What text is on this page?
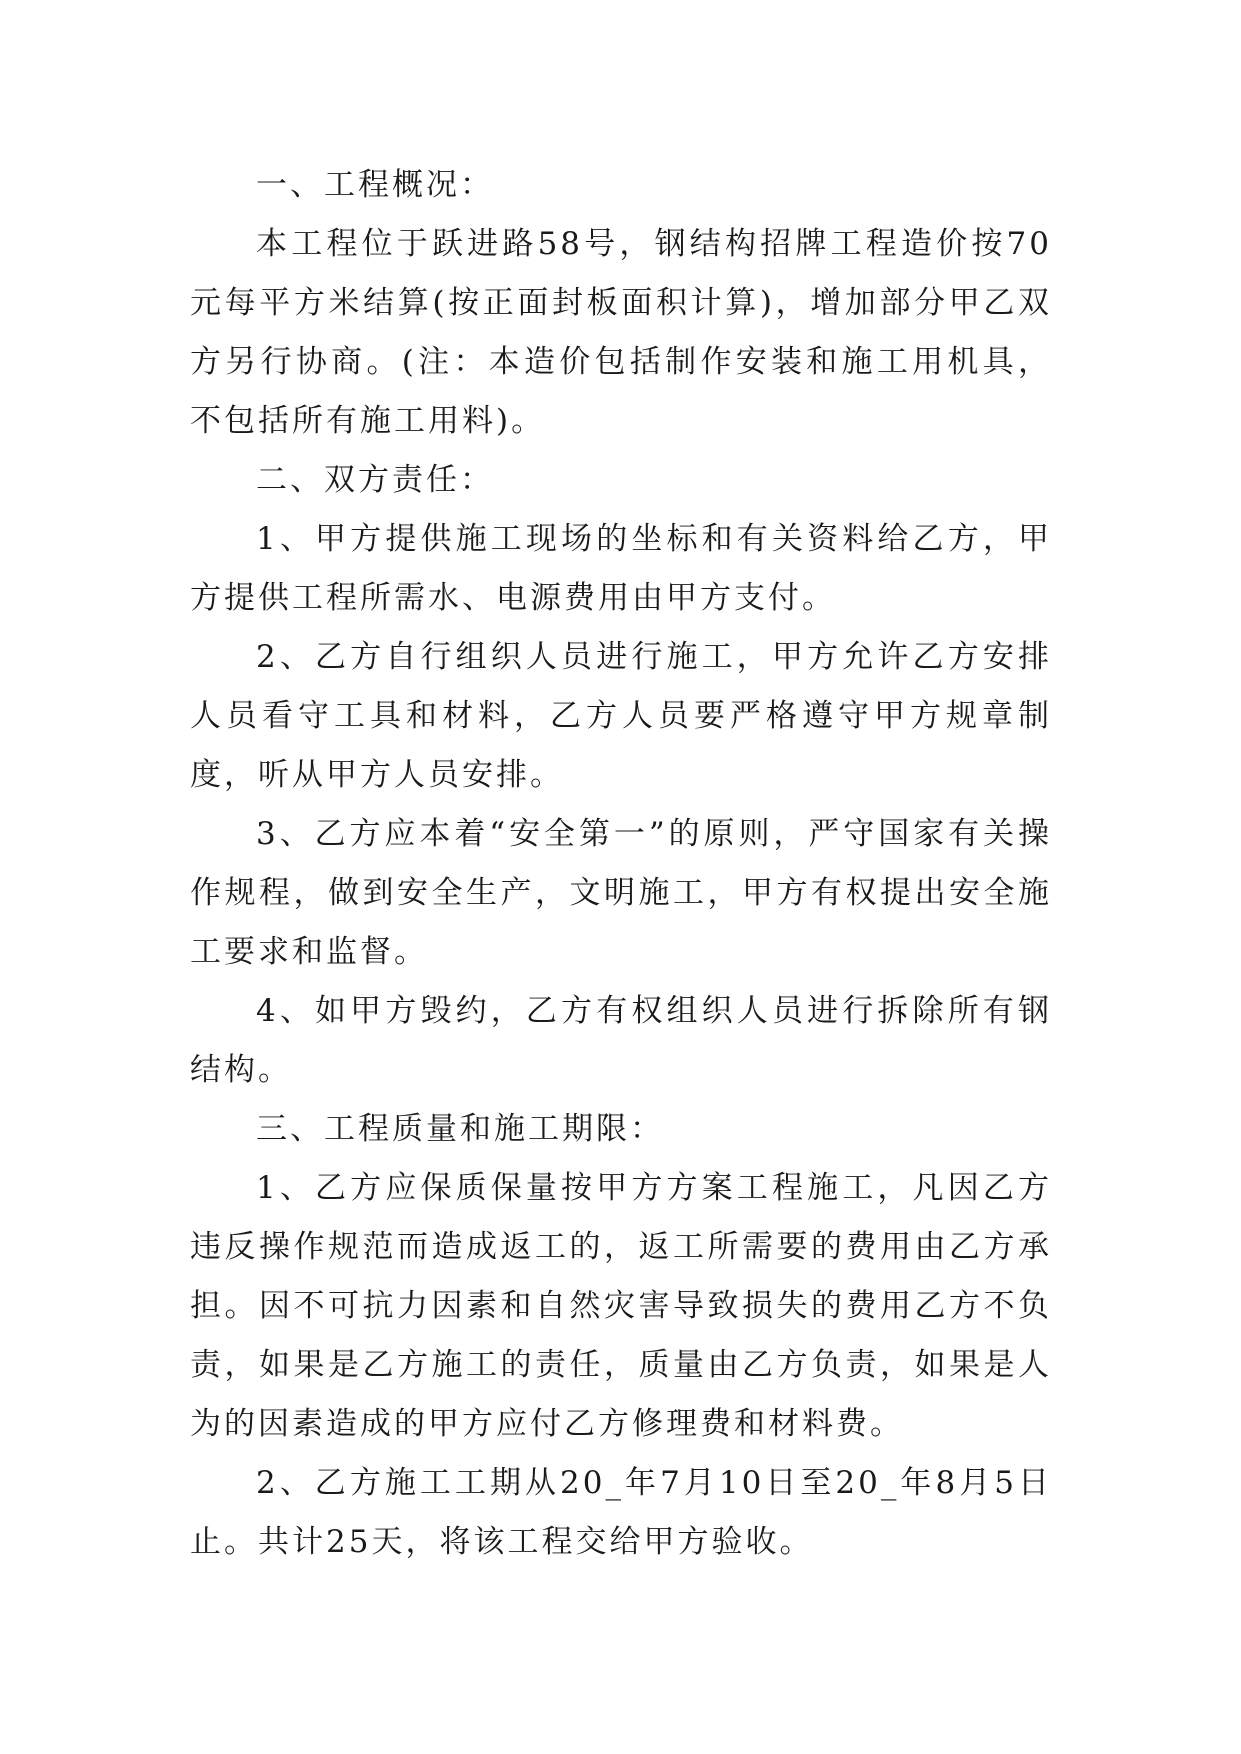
一、工程概况：

本工程位于跃进路58号，钢结构招牌工程造价按70元每平方米结算(按正面封板面积计算)，增加部分甲乙双方另行协商。(注：本造价包括制作安装和施工用机具，不包括所有施工用料)。

二、双方责任：

1、甲方提供施工现场的坐标和有关资料给乙方，甲方提供工程所需水、电源费用由甲方支付。

2、乙方自行组织人员进行施工，甲方允许乙方安排人员看守工具和材料，乙方人员要严格遵守甲方规章制度，听从甲方人员安排。

3、乙方应本着“安全第一”的原则，严守国家有关操作规程，做到安全生产，文明施工，甲方有权提出安全施工要求和监督。

4、如甲方毁约，乙方有权组织人员进行拆除所有钢结构。

三、工程质量和施工期限：

1、乙方应保质保量按甲方方案工程施工，凡因乙方违反操作规范而造成返工的，返工所需要的费用由乙方承担。因不可抗力因素和自然灾害导致损失的费用乙方不负责，如果是乙方施工的责任，质量由乙方负责，如果是人为的因素造成的甲方应付乙方修理费和材料费。

2、乙方施工工期从20_年7月10日至20_年8月5日止。共计25天，将该工程交给甲方验收。
